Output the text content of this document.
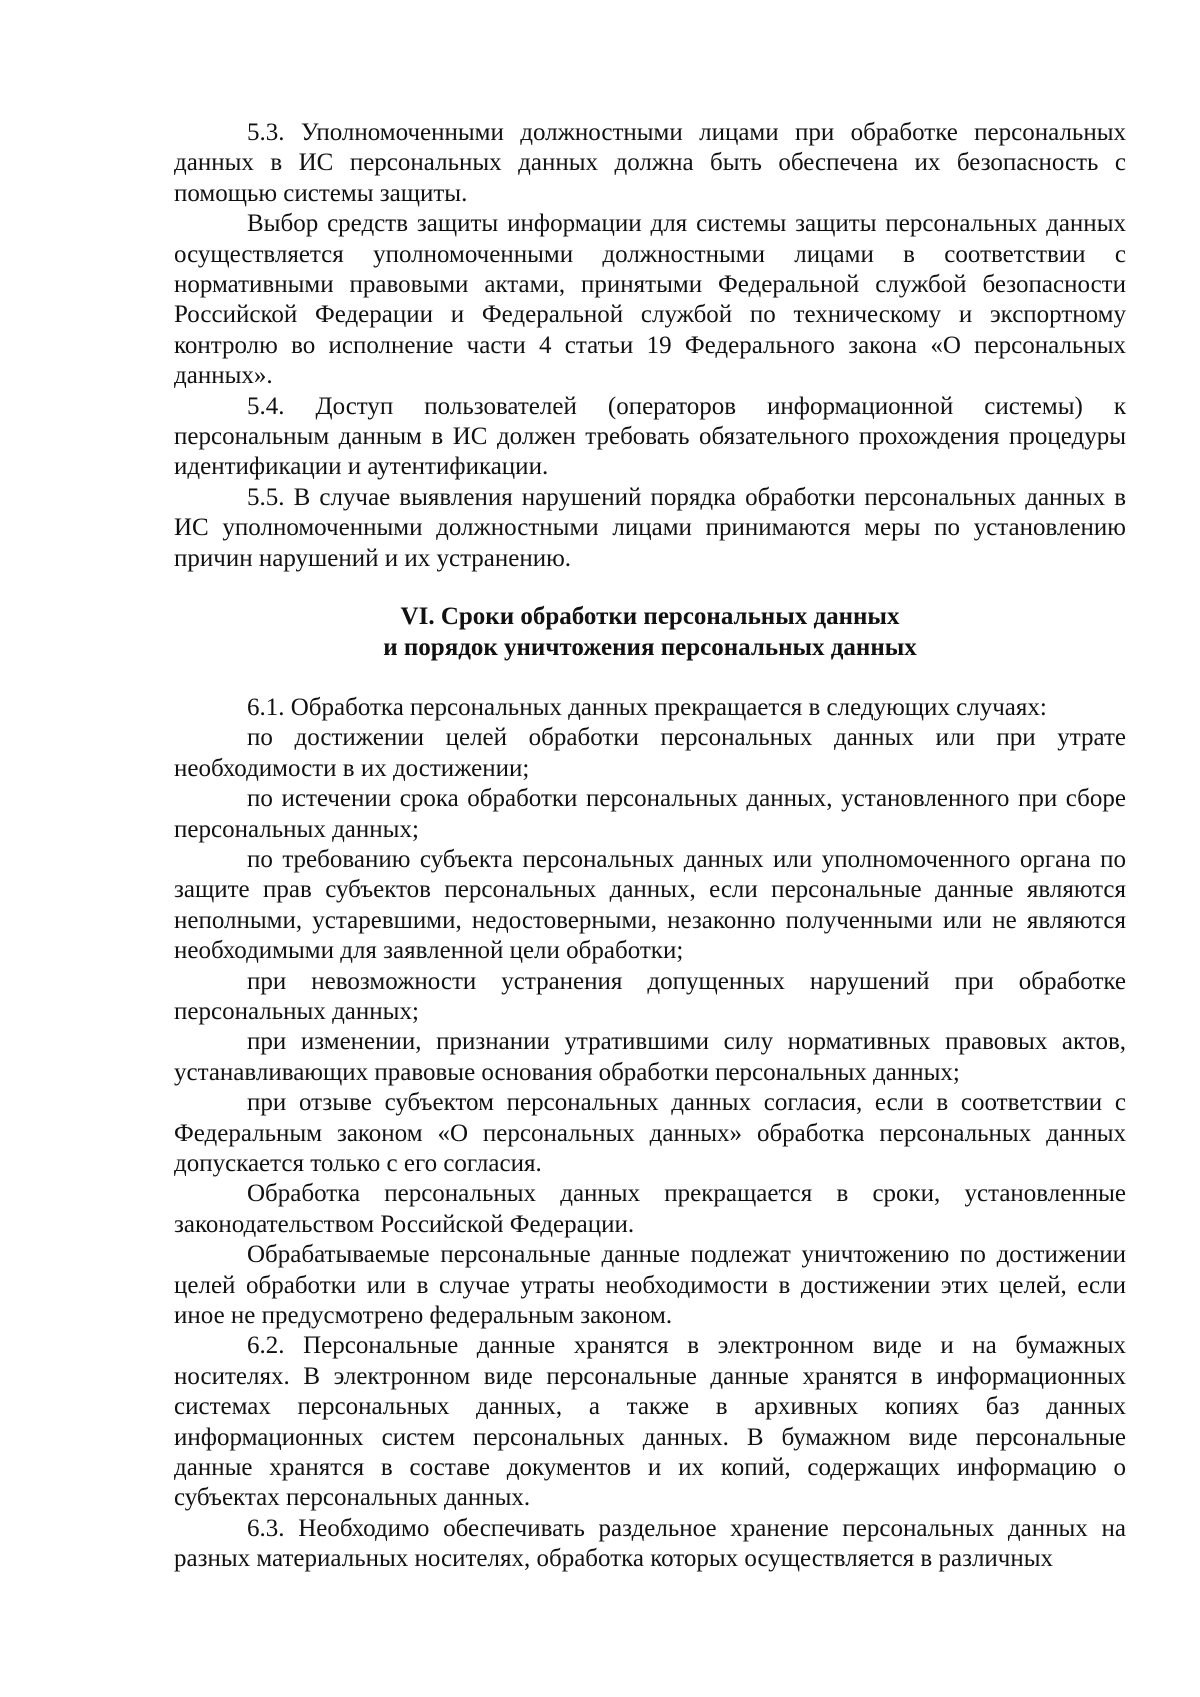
5.3. Уполномоченными должностными лицами при обработке персональных данных в ИС персональных данных должна быть обеспечена их безопасность с помощью системы защиты.

Выбор средств защиты информации для системы защиты персональных данных осуществляется уполномоченными должностными лицами в соответствии с нормативными правовыми актами, принятыми Федеральной службой безопасности Российской Федерации и Федеральной службой по техническому и экспортному контролю во исполнение части 4 статьи 19 Федерального закона «О персональных данных».

5.4. Доступ пользователей (операторов информационной системы) к персональным данным в ИС должен требовать обязательного прохождения процедуры идентификации и аутентификации.

5.5. В случае выявления нарушений порядка обработки персональных данных в ИС уполномоченными должностными лицами принимаются меры по установлению причин нарушений и их устранению.

VI. Сроки обработки персональных данных
и порядок уничтожения персональных данных

6.1. Обработка персональных данных прекращается в следующих случаях:

по достижении целей обработки персональных данных или при утрате необходимости в их достижении;

по истечении срока обработки персональных данных, установленного при сборе персональных данных;

по требованию субъекта персональных данных или уполномоченного органа по защите прав субъектов персональных данных, если персональные данные являются неполными, устаревшими, недостоверными, незаконно полученными или не являются необходимыми для заявленной цели обработки;

при невозможности устранения допущенных нарушений при обработке персональных данных;

при изменении, признании утратившими силу нормативных правовых актов, устанавливающих правовые основания обработки персональных данных;

при отзыве субъектом персональных данных согласия, если в соответствии с Федеральным законом «О персональных данных» обработка персональных данных допускается только с его согласия.

Обработка персональных данных прекращается в сроки, установленные законодательством Российской Федерации.

Обрабатываемые персональные данные подлежат уничтожению по достижении целей обработки или в случае утраты необходимости в достижении этих целей, если иное не предусмотрено федеральным законом.

6.2. Персональные данные хранятся в электронном виде и на бумажных носителях. В электронном виде персональные данные хранятся в информационных системах персональных данных, а также в архивных копиях баз данных информационных систем персональных данных. В бумажном виде персональные данные хранятся в составе документов и их копий, содержащих информацию о субъектах персональных данных.

6.3. Необходимо обеспечивать раздельное хранение персональных данных на разных материальных носителях, обработка которых осуществляется в различных
